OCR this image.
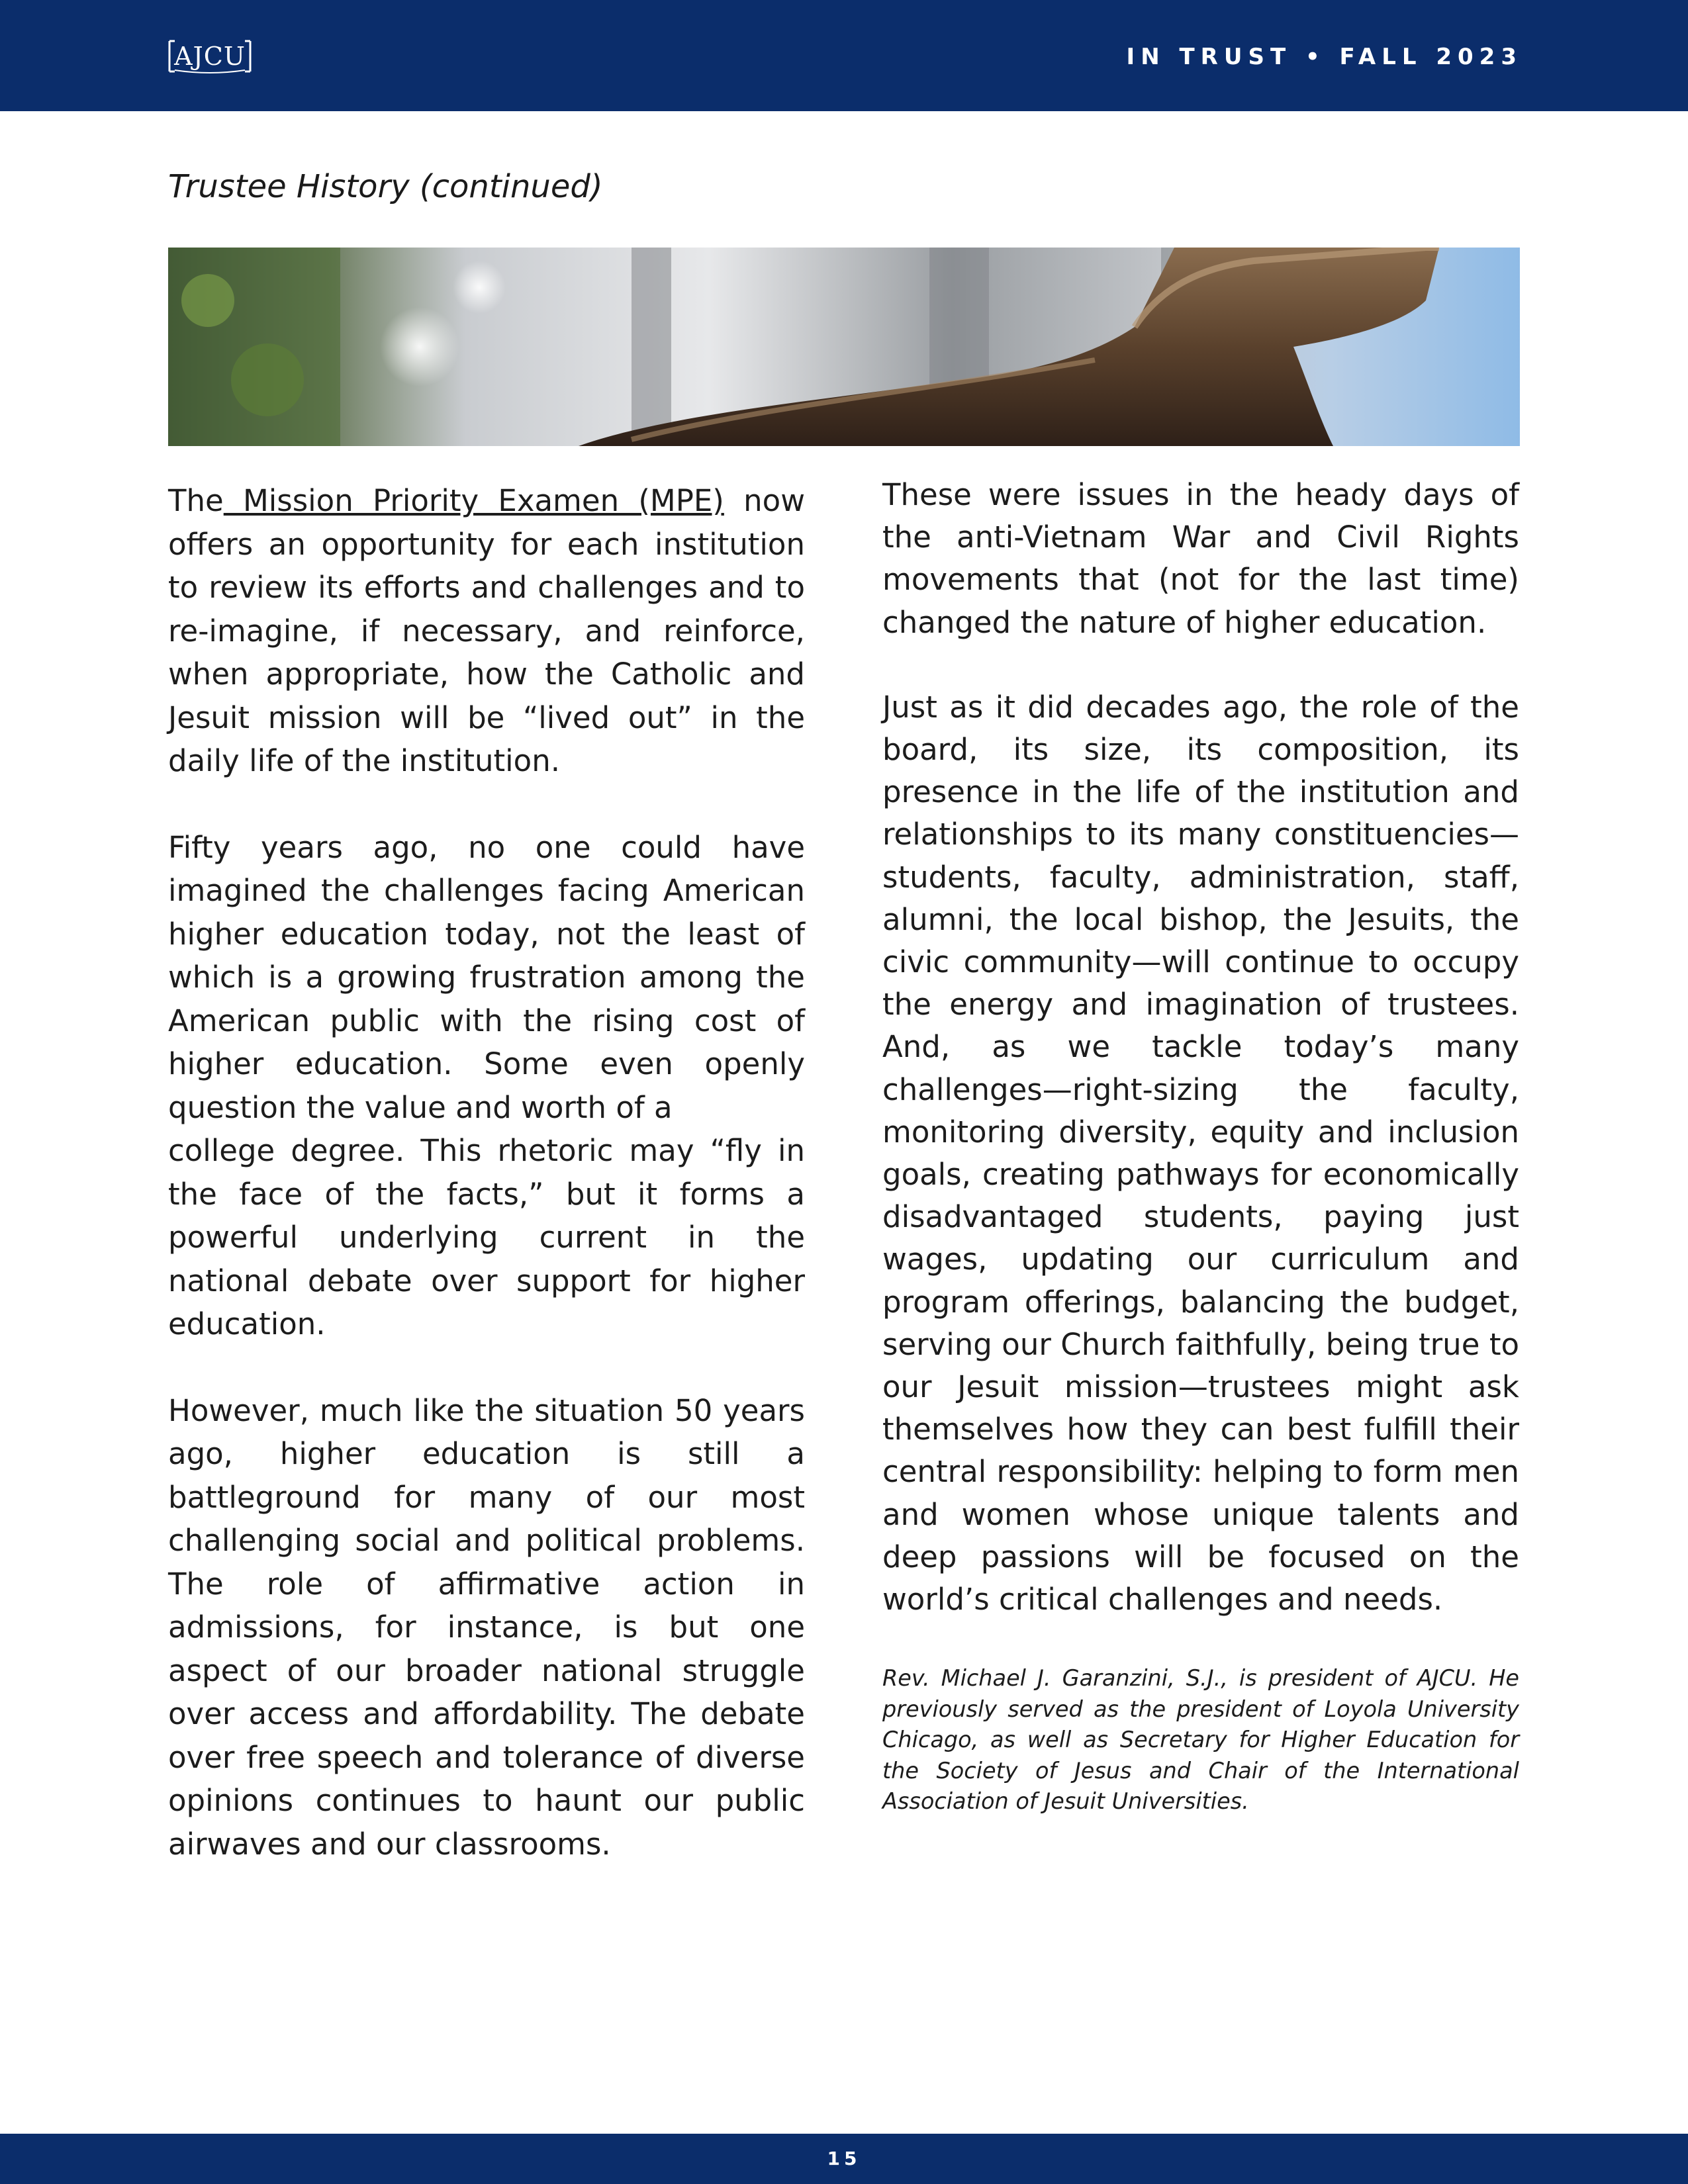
AJCU	IN TRUST • FALL 2023
Trustee History (continued)

The Mission Priority Examen (MPE) now offers an opportunity for each institution to review its efforts and challenges and to re-imagine, if necessary, and reinforce, when appropriate, how the Catholic and Jesuit mission will be “lived out” in the daily life of the institution.

Fifty years ago, no one could have imagined the challenges facing American higher education today, not the least of which is a growing frustration among the American public with the rising cost of higher education. Some even openly question the value and worth of a
college degree. This rhetoric may “fly in the face of the facts,” but it forms a powerful underlying current in the national debate over support for higher education.

However, much like the situation 50 years ago, higher education is still a battleground for many of our most challenging social and political problems. The role of affirmative action in admissions, for instance, is but one aspect of our broader national struggle over access and affordability. The debate over free speech and tolerance of diverse opinions continues to haunt our public airwaves and our classrooms.

These were issues in the heady days of the anti-Vietnam War and Civil Rights movements that (not for the last time) changed the nature of higher education.

Just as it did decades ago, the role of the board, its size, its composition, its presence in the life of the institution and relationships to its many constituencies—students, faculty, administration, staff, alumni, the local bishop, the Jesuits, the civic community—will continue to occupy the energy and imagination of trustees. And, as we tackle today’s many challenges—right-sizing the faculty, monitoring diversity, equity and inclusion goals, creating pathways for economically disadvantaged students, paying just wages, updating our curriculum and program offerings, balancing the budget, serving our Church faithfully, being true to our Jesuit mission—trustees might ask themselves how they can best fulfill their central responsibility: helping to form men and women whose unique talents and deep passions will be focused on the world’s critical challenges and needs.

Rev. Michael J. Garanzini, S.J., is president of AJCU. He previously served as the president of Loyola University Chicago, as well as Secretary for Higher Education for the Society of Jesus and Chair of the International Association of Jesuit Universities.

15
